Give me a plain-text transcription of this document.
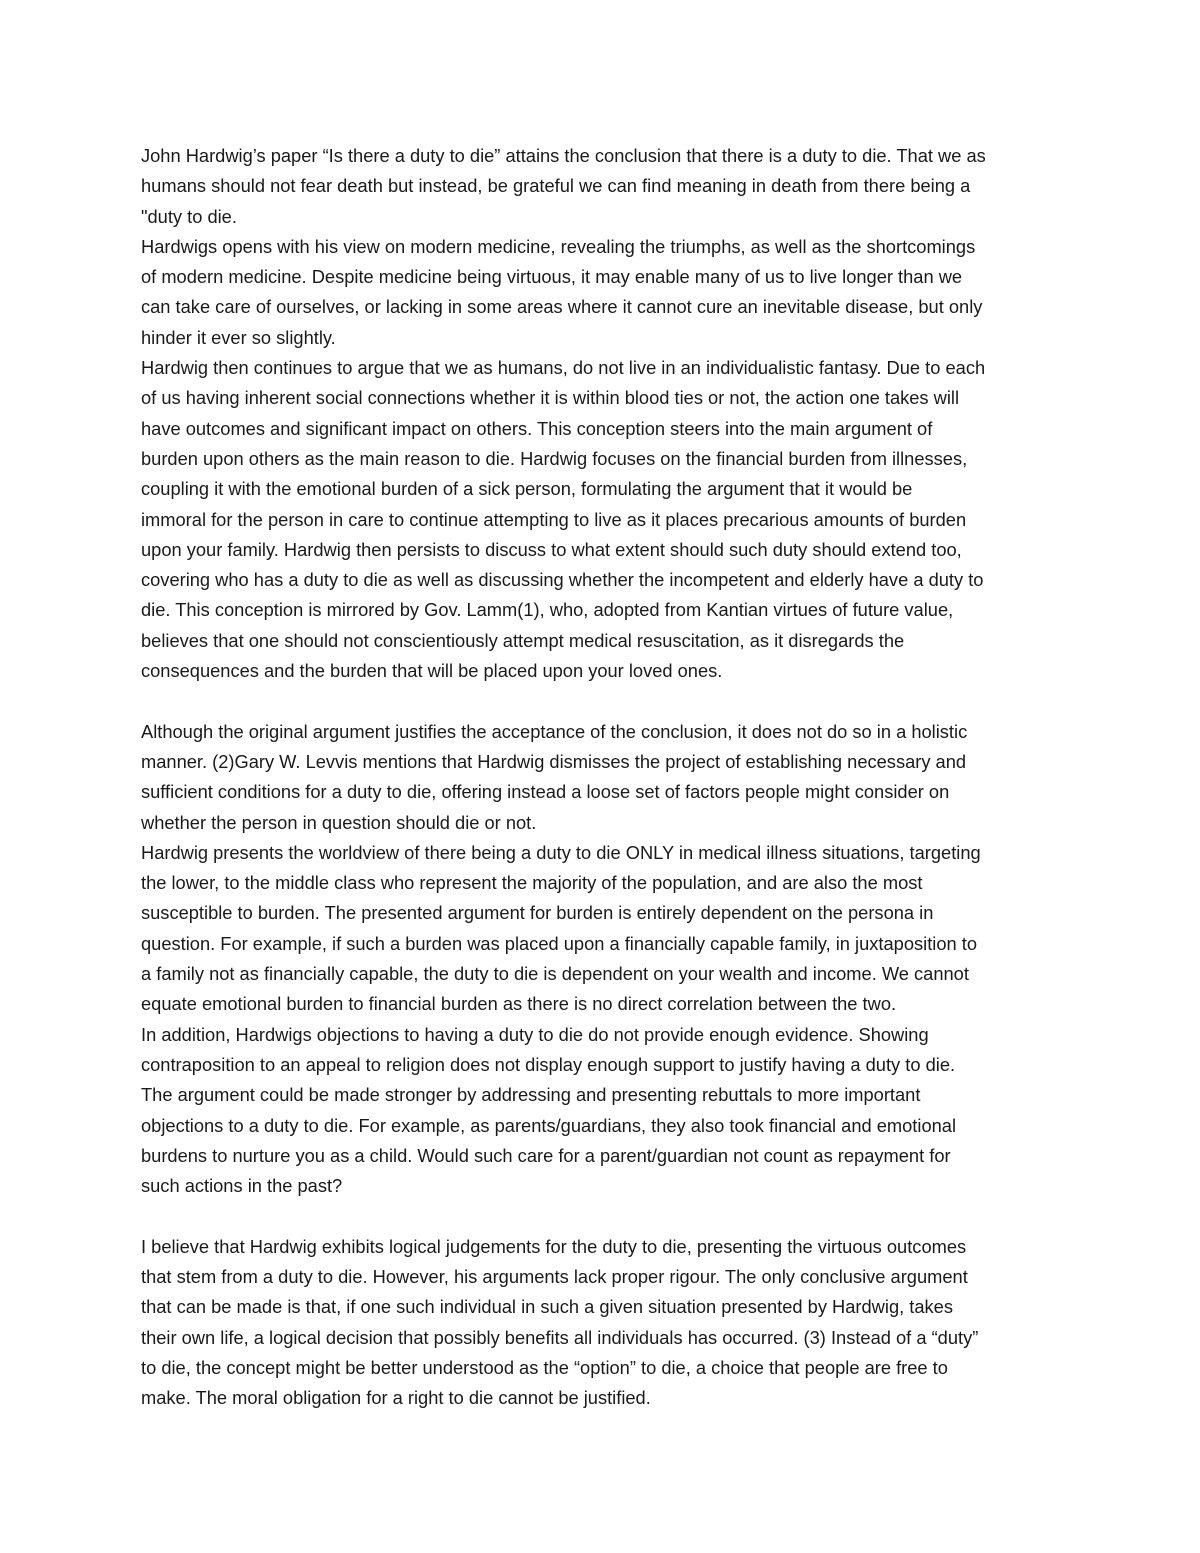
John Hardwig’s paper “Is there a duty to die” attains the conclusion that there is a duty to die. That we as
humans should not fear death but instead, be grateful we can find meaning in death from there being a
"duty to die.

Hardwigs opens with his view on modern medicine, revealing the triumphs, as well as the shortcomings
of modern medicine. Despite medicine being virtuous, it may enable many of us to live longer than we
can take care of ourselves, or lacking in some areas where it cannot cure an inevitable disease, but only
hinder it ever so slightly.

Hardwig then continues to argue that we as humans, do not live in an individualistic fantasy. Due to each
of us having inherent social connections whether it is within blood ties or not, the action one takes will
have outcomes and significant impact on others. This conception steers into the main argument of
burden upon others as the main reason to die. Hardwig focuses on the financial burden from illnesses,
coupling it with the emotional burden of a sick person, formulating the argument that it would be
immoral for the person in care to continue attempting to live as it places precarious amounts of burden
upon your family. Hardwig then persists to discuss to what extent should such duty should extend too,
covering who has a duty to die as well as discussing whether the incompetent and elderly have a duty to
die. This conception is mirrored by Gov. Lamm(1), who, adopted from Kantian virtues of future value,
believes that one should not conscientiously attempt medical resuscitation, as it disregards the
consequences and the burden that will be placed upon your loved ones.

Although the original argument justifies the acceptance of the conclusion, it does not do so in a holistic
manner. (2)Gary W. Levvis mentions that Hardwig dismisses the project of establishing necessary and
sufficient conditions for a duty to die, offering instead a loose set of factors people might consider on
whether the person in question should die or not.

Hardwig presents the worldview of there being a duty to die ONLY in medical illness situations, targeting
the lower, to the middle class who represent the majority of the population, and are also the most
susceptible to burden. The presented argument for burden is entirely dependent on the persona in
question. For example, if such a burden was placed upon a financially capable family, in juxtaposition to
a family not as financially capable, the duty to die is dependent on your wealth and income. We cannot
equate emotional burden to financial burden as there is no direct correlation between the two.

In addition, Hardwigs objections to having a duty to die do not provide enough evidence. Showing
contraposition to an appeal to religion does not display enough support to justify having a duty to die.
The argument could be made stronger by addressing and presenting rebuttals to more important
objections to a duty to die. For example, as parents/guardians, they also took financial and emotional
burdens to nurture you as a child. Would such care for a parent/guardian not count as repayment for
such actions in the past?

I believe that Hardwig exhibits logical judgements for the duty to die, presenting the virtuous outcomes
that stem from a duty to die. However, his arguments lack proper rigour. The only conclusive argument
that can be made is that, if one such individual in such a given situation presented by Hardwig, takes
their own life, a logical decision that possibly benefits all individuals has occurred. (3) Instead of a “duty”
to die, the concept might be better understood as the “option” to die, a choice that people are free to
make. The moral obligation for a right to die cannot be justified.
